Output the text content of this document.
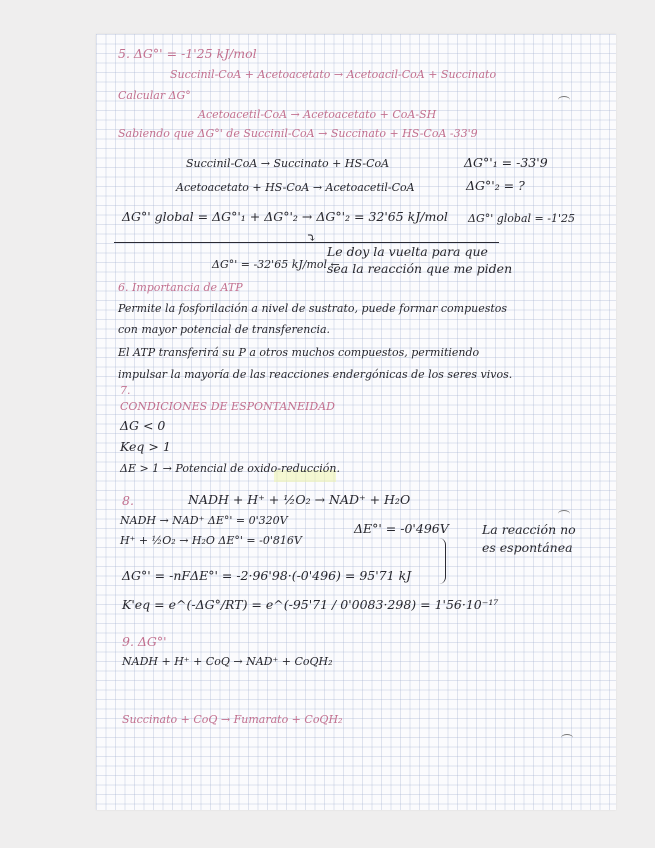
5. ΔG°' = -1'25 kJ/mol
Succinil-CoA + Acetoacetato → Acetoacil-CoA + Succinato
Calcular ΔG°
Acetoacetil-CoA → Acetoacetato + CoA-SH
Sabiendo que ΔG°' de Succinil-CoA → Succinato + HS-CoA -33'9
Succinil-CoA → Succinato + HS-CoA	ΔG°'₁ = -33'9
Acetoacetato + HS-CoA → Acetoacetil-CoA	ΔG°'₂ = ?
ΔG°' global = ΔG°'₁ + ΔG°'₂ → ΔG°'₂ = 32'65 kJ/mol ΔG°' global = -1'25
⤵
ΔG°' = -32'65 kJ/mol ←
Le doy la vuelta para que
sea la reacción que me piden
6. Importancia de ATP
Permite la fosforilación a nivel de sustrato, puede formar compuestos
con mayor potencial de transferencia.
El ATP transferirá su P a otros muchos compuestos, permitiendo
impulsar la mayoría de las reacciones endergónicas de los seres vivos.
7.
CONDICIONES DE ESPONTANEIDAD
ΔG < 0
Keq > 1
ΔE > 1 → Potencial de oxido-reducción.
8.	NADH + H⁺ + ½O₂ → NAD⁺ + H₂O
NADH → NAD⁺ ΔE°' = 0'320V
H⁺ + ½O₂ → H₂O ΔE°' = -0'816V
ΔE°' = -0'496V	La reacción no
es espontánea
ΔG°' = -nFΔE°' = -2·96'98·(-0'496) = 95'71 kJ
K'eq = e^(-ΔG°/RT) = e^(-95'71 / 0'0083·298) = 1'56·10⁻¹⁷
9. ΔG°'
NADH + H⁺ + CoQ → NAD⁺ + CoQH₂
Succinato + CoQ → Fumarato + CoQH₂
